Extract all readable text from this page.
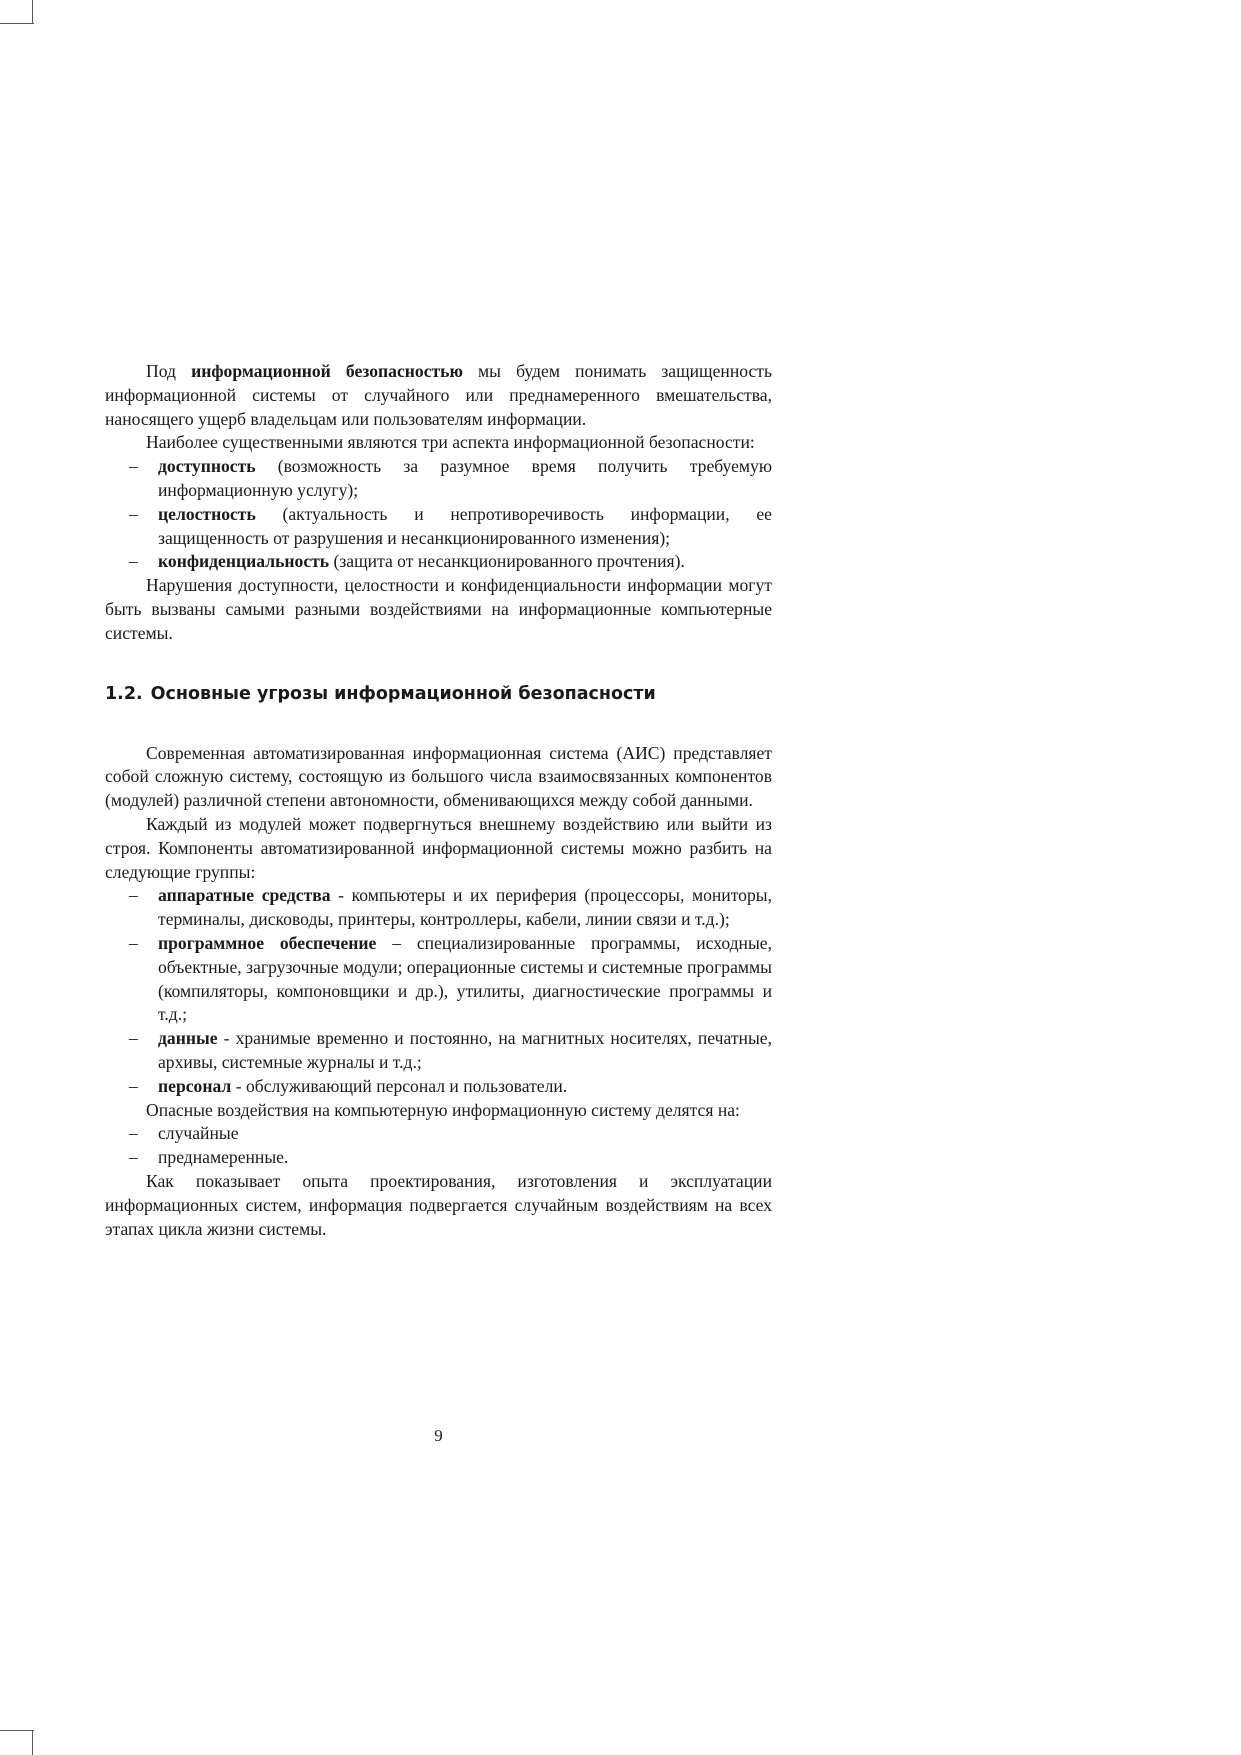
Под информационной безопасностью мы будем понимать защищенность информационной системы от случайного или преднамеренного вмешательства, наносящего ущерб владельцам или пользователям информации.

Наиболее существенными являются три аспекта информационной безопасности:

– доступность (возможность за разумное время получить требуемую информационную услугу);
– целостность (актуальность и непротиворечивость информации, ее защищенность от разрушения и несанкционированного изменения);
– конфиденциальность (защита от несанкционированного прочтения).

Нарушения доступности, целостности и конфиденциальности информации могут быть вызваны самыми разными воздействиями на информационные компьютерные системы.

1.2. Основные угрозы информационной безопасности

Современная автоматизированная информационная система (АИС) представляет собой сложную систему, состоящую из большого числа взаимосвязанных компонентов (модулей) различной степени автономности, обменивающихся между собой данными.

Каждый из модулей может подвергнуться внешнему воздействию или выйти из строя. Компоненты автоматизированной информационной системы можно разбить на следующие группы:

– аппаратные средства - компьютеры и их периферия (процессоры, мониторы, терминалы, дисководы, принтеры, контроллеры, кабели, линии связи и т.д.);
– программное обеспечение – специализированные программы, исходные, объектные, загрузочные модули; операционные системы и системные программы (компиляторы, компоновщики и др.), утилиты, диагностические программы и т.д.;
– данные - хранимые временно и постоянно, на магнитных носителях, печатные, архивы, системные журналы и т.д.;
– персонал - обслуживающий персонал и пользователи.

Опасные воздействия на компьютерную информационную систему делятся на:

– случайные
– преднамеренные.

Как показывает опыта проектирования, изготовления и эксплуатации информационных систем, информация подвергается случайным воздействиям на всех этапах цикла жизни системы.

9
